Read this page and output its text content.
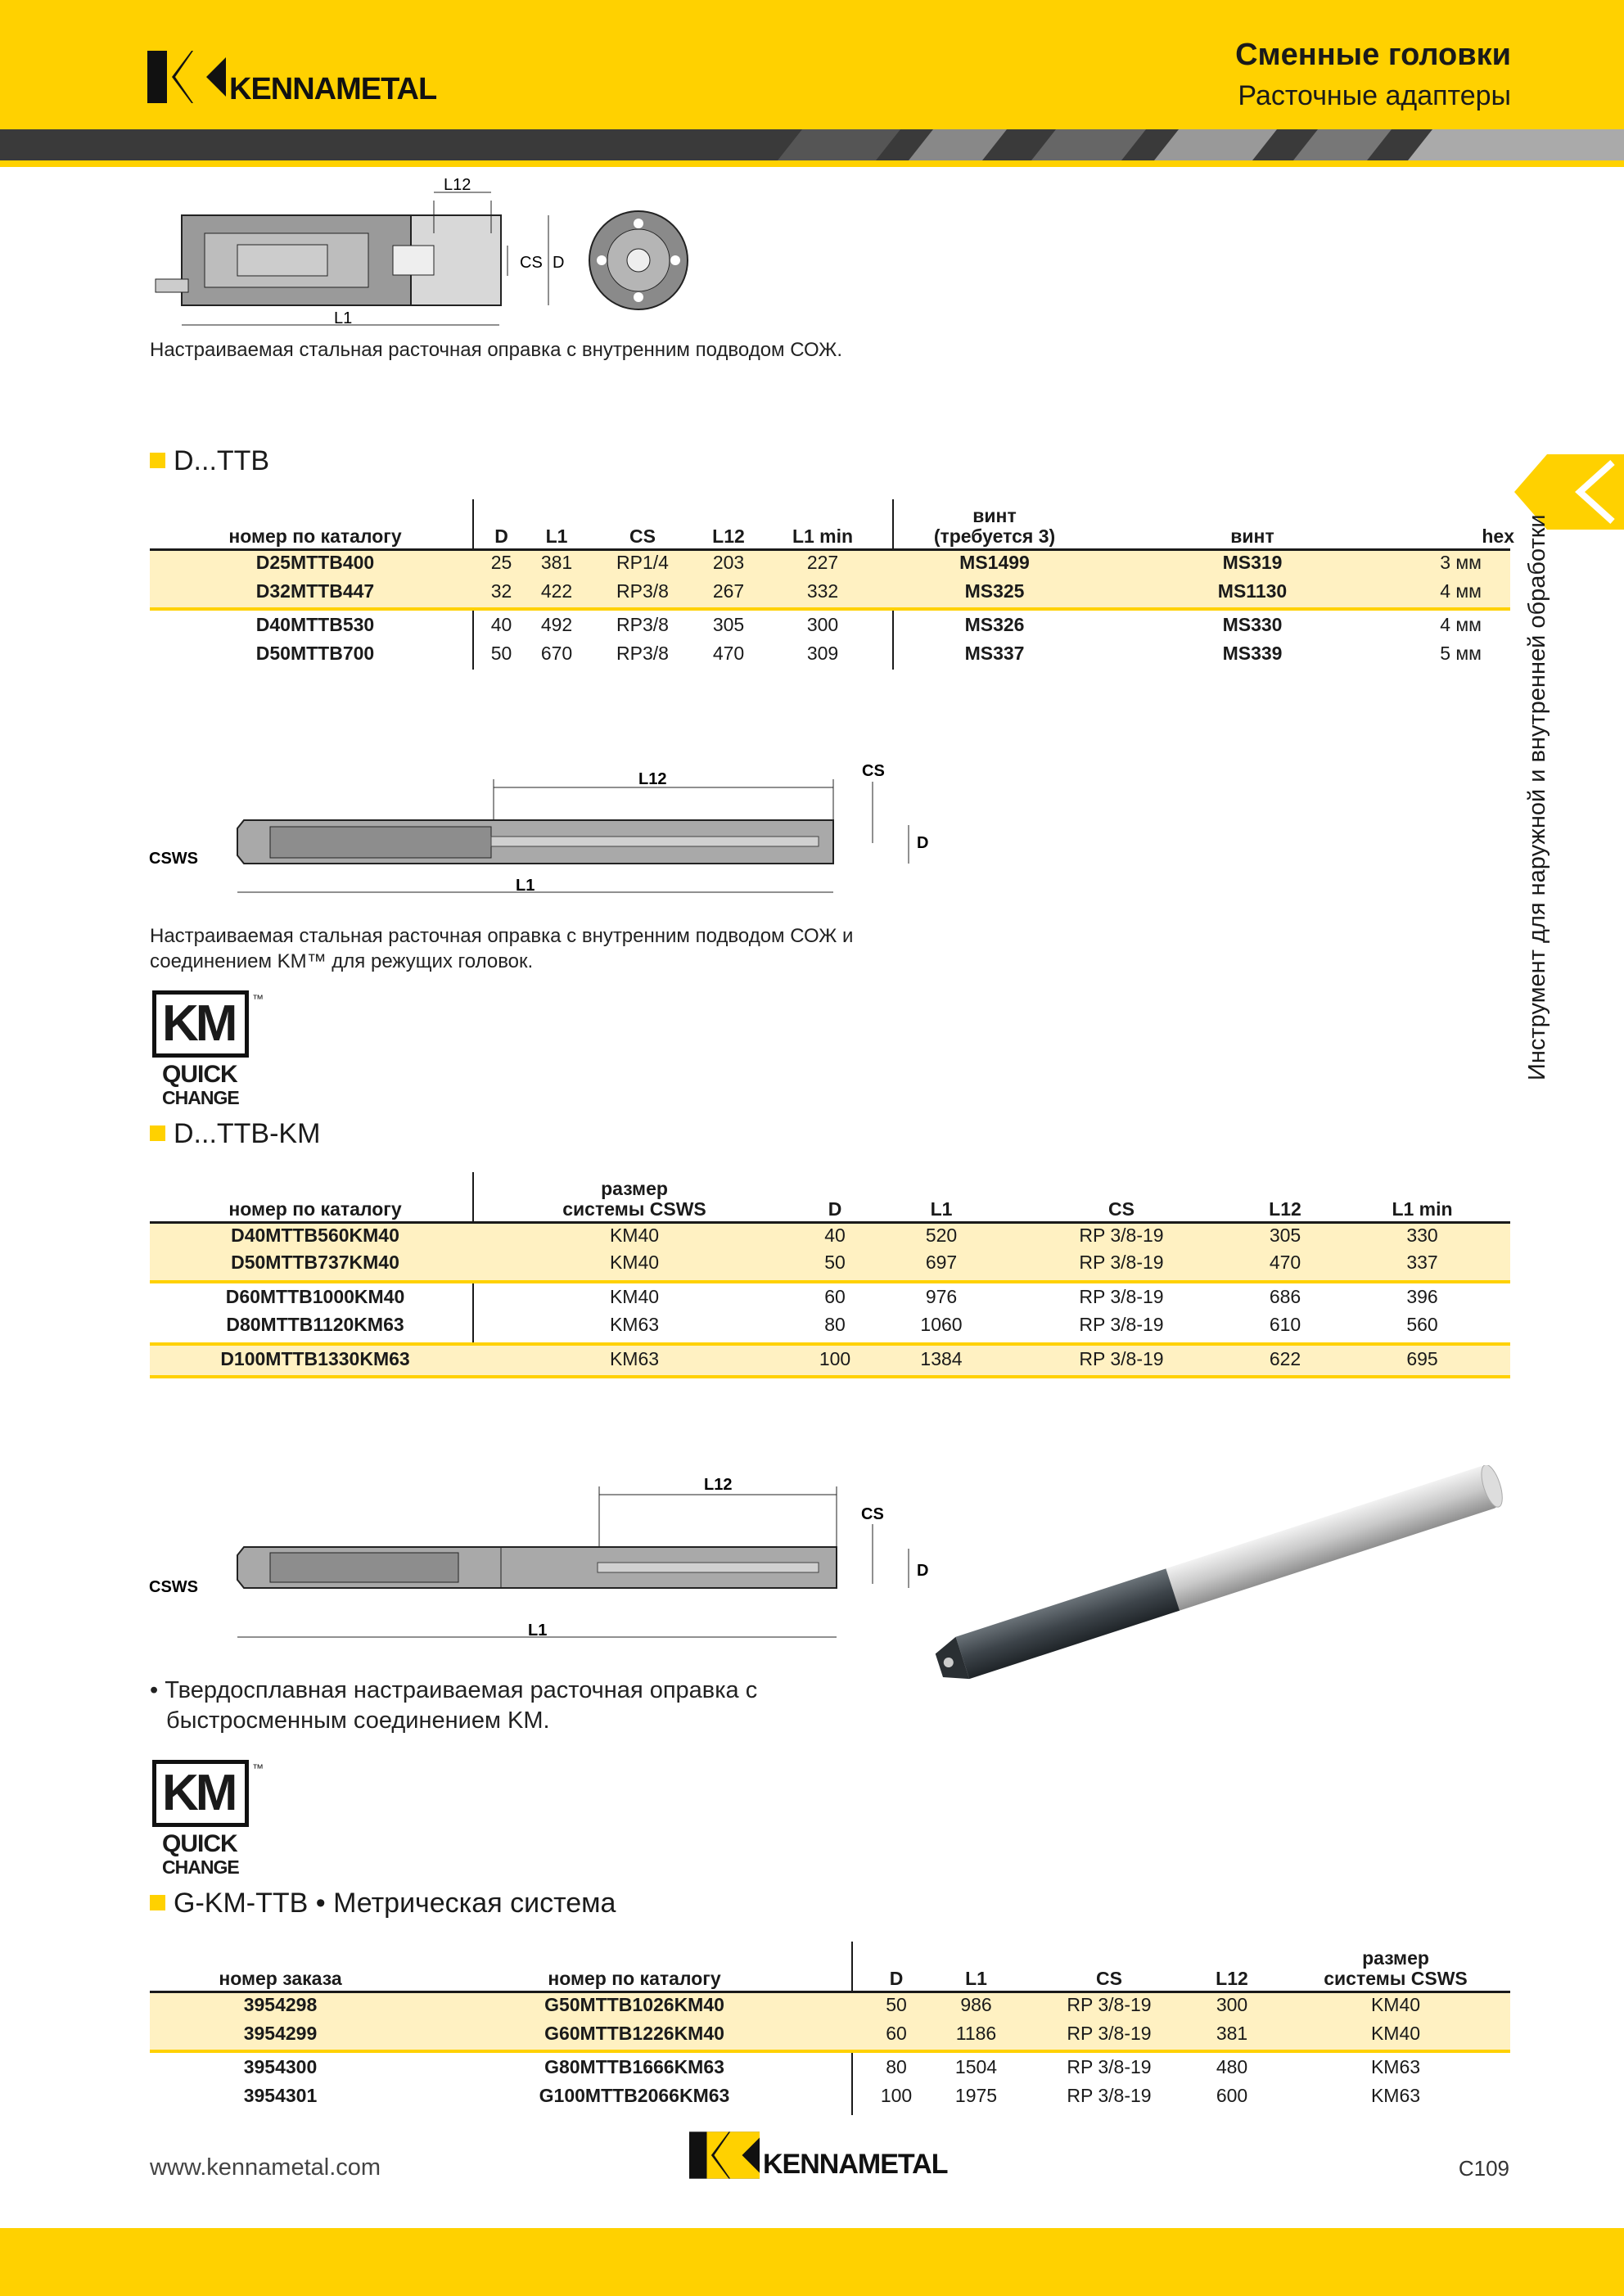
KENNAMETAL
Сменные головки
Расточные адаптеры
Инструмент для наружной и внутренней обработки
L12
CS D
L1
Настраиваемая стальная расточная оправка с внутренним подводом СОЖ.
D...TTB
номер по каталогу	D	L1	CS	L12	L1 min
винт
(требуется 3)	винт	hex
D25MTTB400	25	381	RP1/4	203	227	MS1499	MS319	3 мм
D32MTTB447	32	422	RP3/8	267	332	MS325	MS1130	4 мм
D40MTTB530	40	492	RP3/8	305	300	MS326	MS330	4 мм
D50MTTB700	50	670	RP3/8	470	309	MS337	MS339	5 мм
L12	CS
D
CSWS
L1
Настраиваемая стальная расточная оправка с внутренним подводом СОЖ и
соединением KM™ для режущих головок.
KM ™
QUICK
CHANGE
D...TTB-KM
номер по каталогу
размер
системы CSWS	D	L1	CS	L12	L1 min
D40MTTB560KM40	KM40	40	520	RP 3/8-19	305	330
D50MTTB737KM40	KM40	50	697	RP 3/8-19	470	337
D60MTTB1000KM40	KM40	60	976	RP 3/8-19	686	396
D80MTTB1120KM63	KM63	80	1060	RP 3/8-19	610	560
D100MTTB1330KM63	KM63	100	1384	RP 3/8-19	622	695
L12
CS
D
CSWS
L1
• Твердосплавная настраиваемая расточная оправка с
быстросменным соединением KM.
KM ™
QUICK
CHANGE
G-KM-TTB • Метрическая система
номер заказа	номер по каталогу	D	L1	CS	L12
размер
системы CSWS
3954298	G50MTTB1026KM40	50	986	RP 3/8-19	300	KM40
3954299	G60MTTB1226KM40	60	1186	RP 3/8-19	381	KM40
3954300	G80MTTB1666KM63	80	1504	RP 3/8-19	480	KM63
3954301	G100MTTB2066KM63	100	1975	RP 3/8-19	600	KM63
www.kennametal.com	KENNAMETAL	C109
